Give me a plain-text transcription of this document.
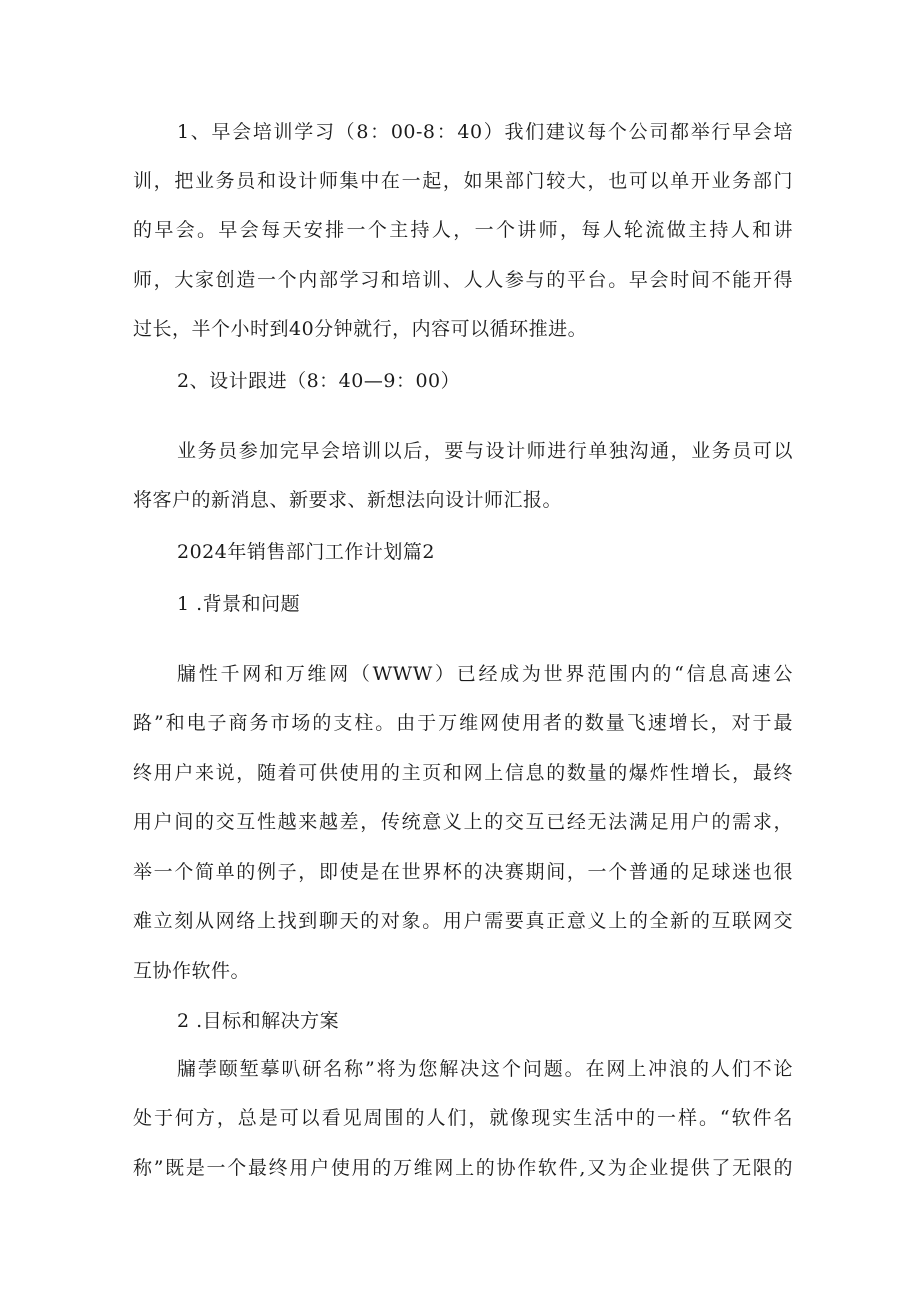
1、早会培训学习（8：00-8：40）我们建议每个公司都举行早会培
训，把业务员和设计师集中在一起，如果部门较大，也可以单开业务部门
的早会。早会每天安排一个主持人，一个讲师，每人轮流做主持人和讲
师，大家创造一个内部学习和培训、人人参与的平台。早会时间不能开得
过长，半个小时到40分钟就行，内容可以循环推进。
2、设计跟进（8：40—9：00）
业务员参加完早会培训以后，要与设计师进行单独沟通，业务员可以
将客户的新消息、新要求、新想法向设计师汇报。
2024年销售部门工作计划篇2
1 .背景和问题
牖性千网和万维网（WWW）已经成为世界范围内的“信息高速公
路”和电子商务市场的支柱。由于万维网使用者的数量飞速增长，对于最
终用户来说，随着可供使用的主页和网上信息的数量的爆炸性增长，最终
用户间的交互性越来越差，传统意义上的交互已经无法满足用户的需求，
举一个简单的例子，即使是在世界杯的决赛期间，一个普通的足球迷也很
难立刻从网络上找到聊天的对象。用户需要真正意义上的全新的互联网交
互协作软件。
2 .目标和解决方案
牖荸颐堑摹叭研名称”将为您解决这个问题。在网上冲浪的人们不论
处于何方，总是可以看见周围的人们，就像现实生活中的一样。“软件名
称”既是一个最终用户使用的万维网上的协作软件,又为企业提供了无限的
